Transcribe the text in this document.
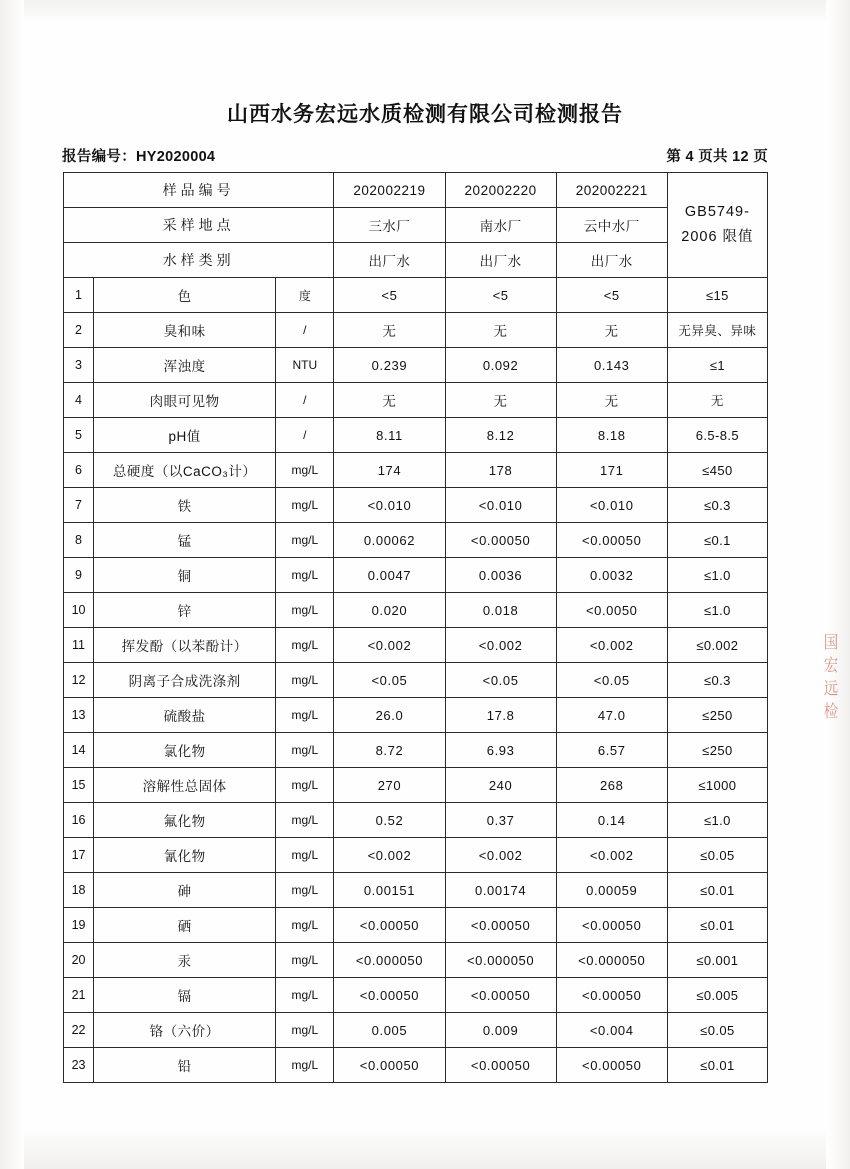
山西水务宏远水质检测有限公司检测报告
报告编号：HY2020004	第 4 页共 12 页
样品编号			202002219	202002220	202002221	GB5749-
2006 限值

采样地点			三水厂	南水厂	云中水厂	
水样类别			出厂水	出厂水	出厂水	
1	色	度	<5	<5	<5	≤15
2	臭和味	/	无	无	无	无异臭、异味
3	浑浊度	NTU	0.239	0.092	0.143	≤1
4	肉眼可见物	/	无	无	无	无
5	pH值	/	8.11	8.12	8.18	6.5-8.5
6	总硬度（以CaCO₃计）	mg/L	174	178	171	≤450
7	铁	mg/L	<0.010	<0.010	<0.010	≤0.3
8	锰	mg/L	0.00062	<0.00050	<0.00050	≤0.1
9	铜	mg/L	0.0047	0.0036	0.0032	≤1.0
10	锌	mg/L	0.020	0.018	<0.0050	≤1.0
11	挥发酚（以苯酚计）	mg/L	<0.002	<0.002	<0.002	≤0.002
12	阴离子合成洗涤剂	mg/L	<0.05	<0.05	<0.05	≤0.3
13	硫酸盐	mg/L	26.0	17.8	47.0	≤250
14	氯化物	mg/L	8.72	6.93	6.57	≤250
15	溶解性总固体	mg/L	270	240	268	≤1000
16	氟化物	mg/L	0.52	0.37	0.14	≤1.0
17	氰化物	mg/L	<0.002	<0.002	<0.002	≤0.05
18	砷	mg/L	0.00151	0.00174	0.00059	≤0.01
19	硒	mg/L	<0.00050	<0.00050	<0.00050	≤0.01
20	汞	mg/L	<0.000050	<0.000050	<0.000050	≤0.001
21	镉	mg/L	<0.00050	<0.00050	<0.00050	≤0.005
22	铬（六价）	mg/L	0.005	0.009	<0.004	≤0.05
23	铅	mg/L	<0.00050	<0.00050	<0.00050	≤0.01
国
宏
远
检
